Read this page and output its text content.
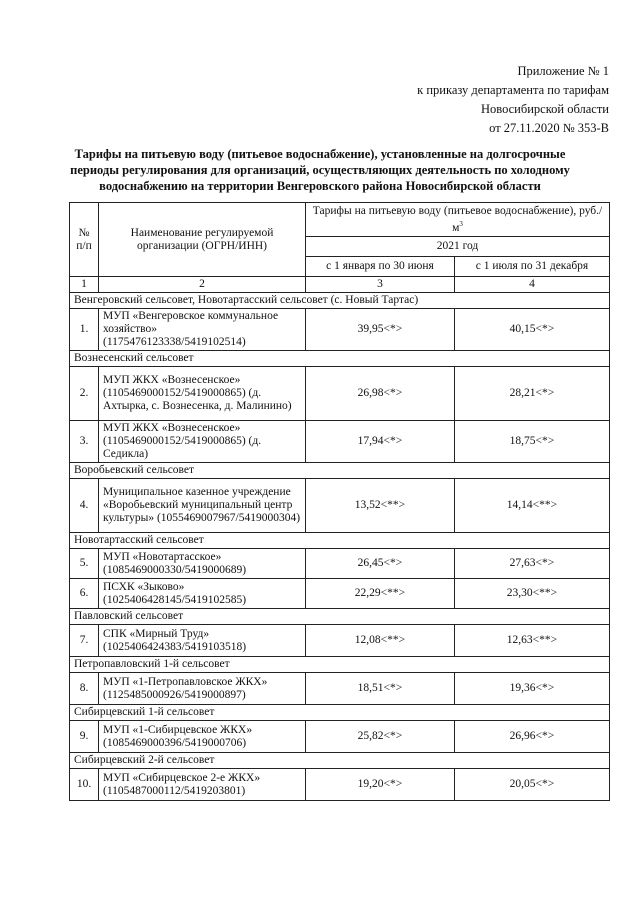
Приложение № 1
к приказу департамента по тарифам
Новосибирской области
от 27.11.2020 № 353-В
Тарифы на питьевую воду (питьевое водоснабжение), установленные на долгосрочные периоды регулирования для организаций, осуществляющих деятельность по холодному водоснабжению на территории Венгеровского района Новосибирской области
№ п/п	Наименование регулируемой организации (ОГРН/ИНН)	Тарифы на питьевую воду (питьевое водоснабжение), $руб./м^3$
		2021 год	
		с 1 января по 30 июня	с 1 июля по 31 декабря
1	2	3	4
Венгеровский сельсовет, Новотартасский сельсовет (с. Новый Тартас)			
1.	МУП «Венгеровское коммунальное хозяйство» (1175476123338/5419102514)	39,95<*>	40,15<*>
Вознесенский сельсовет			
2.	МУП ЖКХ «Вознесенское» (1105469000152/5419000865) (д. Ахтырка, с. Вознесенка, д. Малинино)	26,98<*>	28,21<*>
3.	МУП ЖКХ «Вознесенское» (1105469000152/5419000865) (д. Седикла)	17,94<*>	18,75<*>
Воробьевский сельсовет			
4.	Муниципальное казенное учреждение «Воробьевский муниципальный центр культуры» (1055469007967/5419000304)	13,52<**>	14,14<**>
Новотартасский сельсовет			
5.	МУП «Новотартасское» (1085469000330/5419000689)	26,45<*>	27,63<*>
6.	ПСХК «Зыково» (1025406428145/5419102585)	22,29<**>	23,30<**>
Павловский сельсовет			
7.	СПК «Мирный Труд» (1025406424383/5419103518)	12,08<**>	12,63<**>
Петропавловский 1-й сельсовет			
8.	МУП «1-Петропавловское ЖКХ» (1125485000926/5419000897)	18,51<*>	19,36<*>
Сибирцевский 1-й сельсовет			
9.	МУП «1-Сибирцевское ЖКХ» (1085469000396/5419000706)	25,82<*>	26,96<*>
Сибирцевский 2-й сельсовет			
10.	МУП «Сибирцевское 2-е ЖКХ» (1105487000112/5419203801)	19,20<*>	20,05<*>
